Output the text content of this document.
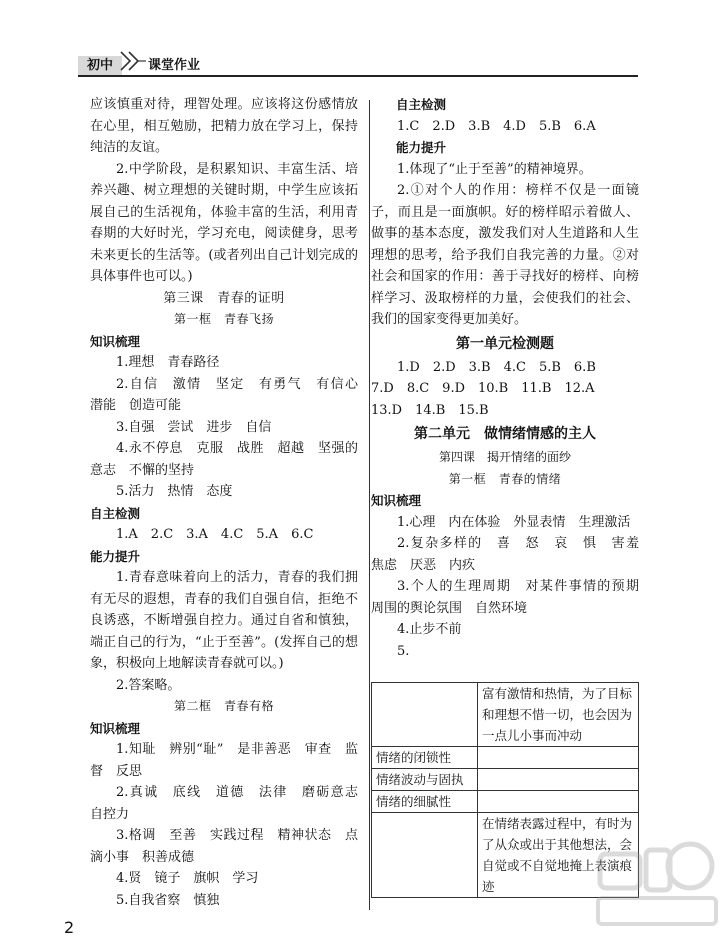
初中	课堂作业

应该慎重对待，理智处理。应该将这份感情放在心里，相互勉励，把精力放在学习上，保持纯洁的友谊。

2.中学阶段，是积累知识、丰富生活、培养兴趣、树立理想的关键时期，中学生应该拓展自己的生活视角，体验丰富的生活，利用青春期的大好时光，学习充电，阅读健身，思考未来更长的生活等。(或者列出自己计划完成的具体事件也可以。)

第三课　青春的证明

第一框　青春飞扬

知识梳理

1.理想　青春路径

2.自信　激情　坚定　有勇气　有信心　潜能　创造可能

3.自强　尝试　进步　自信

4.永不停息　克服　战胜　超越　坚强的意志　不懈的坚持

5.活力　热情　态度

自主检测

1.A　2.C　3.A　4.C　5.A　6.C

能力提升

1.青春意味着向上的活力，青春的我们拥有无尽的遐想，青春的我们自强自信，拒绝不良诱惑，不断增强自控力。通过自省和慎独，端正自己的行为，“止于至善”。(发挥自己的想象，积极向上地解读青春就可以。)

2.答案略。

第二框　青春有格

知识梳理

1.知耻　辨别“耻”　是非善恶　审查　监督　反思

2.真诚　底线　道德　法律　磨砺意志　自控力

3.格调　至善　实践过程　精神状态　点滴小事　积善成德

4.贤　镜子　旗帜　学习

5.自我省察　慎独

自主检测

1.C　2.D　3.B　4.D　5.B　6.A

能力提升

1.体现了“止于至善”的精神境界。

2.①对个人的作用：榜样不仅是一面镜子，而且是一面旗帜。好的榜样昭示着做人、做事的基本态度，激发我们对人生道路和人生理想的思考，给予我们自我完善的力量。②对社会和国家的作用：善于寻找好的榜样、向榜样学习、汲取榜样的力量，会使我们的社会、我们的国家变得更加美好。

第一单元检测题

1.D　2.D　3.B　4.C　5.B　6.B

7.D　8.C　9.D　10.B　11.B　12.A

13.D　14.B　15.B

第二单元　做情绪情感的主人

第四课　揭开情绪的面纱

第一框　青春的情绪

知识梳理

1.心理　内在体验　外显表情　生理激活

2.复杂多样的　喜　怒　哀　惧　害羞　焦虑　厌恶　内疚

3.个人的生理周期　对某件事情的预期　周围的舆论氛围　自然环境

4.止步不前

5.

	富有激情和热情，为了目标和理想不惜一切，也会因为一点儿小事而冲动
情绪的闭锁性	
情绪波动与固执	
情绪的细腻性	
	在情绪表露过程中，有时为了从众或出于其他想法，会自觉或不自觉地掩上表演痕迹
2
